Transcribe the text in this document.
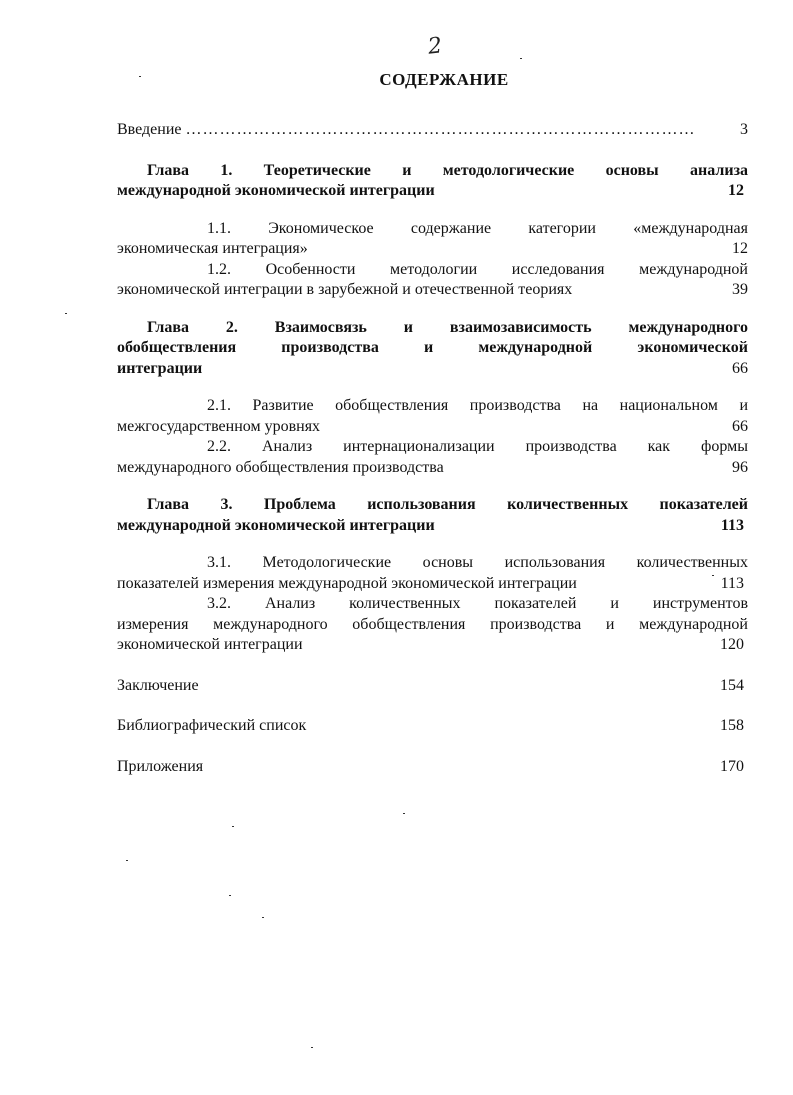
2
СОДЕРЖАНИЕ
Введение ………………………………………………………………………………	3
Глава 1. Теоретические и методологические основы анализа
международной экономической интеграции	12
1.1. Экономическое содержание категории «международная
экономическая интеграция»	12
1.2. Особенности методологии исследования международной
экономической интеграции в зарубежной и отечественной теориях	39
Глава 2. Взаимосвязь и взаимозависимость международного
обобществления производства и международной экономической
интеграции	66
2.1. Развитие обобществления производства на национальном и
межгосударственном уровнях	66
2.2. Анализ интернационализации производства как формы
международного обобществления производства	96
Глава 3. Проблема использования количественных показателей
международной экономической интеграции	113
3.1. Методологические основы использования количественных
показателей измерения международной экономической интеграции	113
3.2. Анализ количественных показателей и инструментов
измерения международного обобществления производства и международной
экономической интеграции	120
Заключение	154
Библиографический список	158
Приложения	170
